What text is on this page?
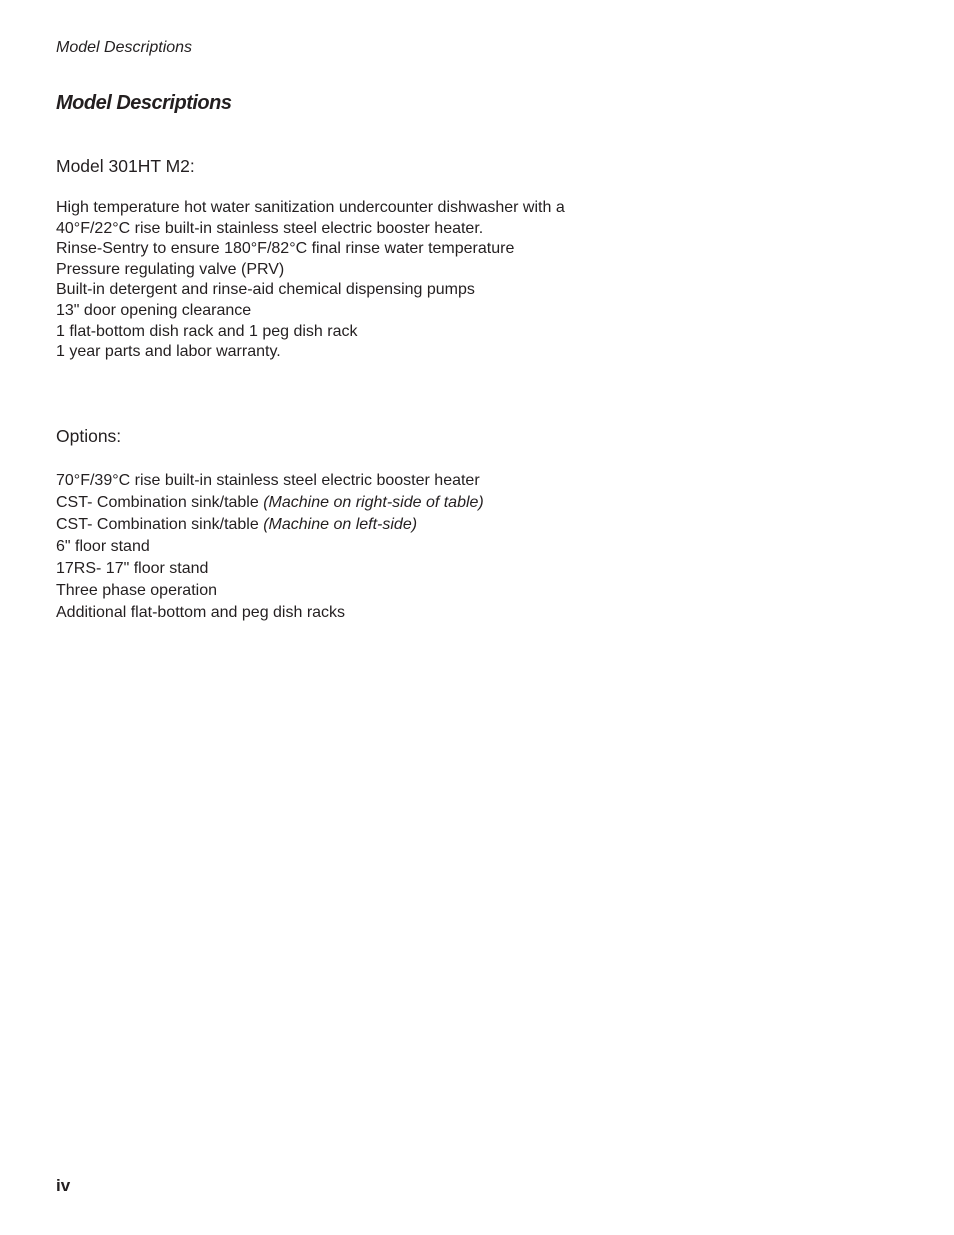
Model Descriptions
Model Descriptions
Model 301HT M2:
High temperature hot water sanitization undercounter dishwasher with a
40°F/22°C rise built-in stainless steel electric booster heater.
Rinse-Sentry to ensure 180°F/82°C final rinse water temperature
Pressure regulating valve (PRV)
Built-in detergent and rinse-aid chemical dispensing pumps
13" door opening clearance
1 flat-bottom dish rack and 1 peg dish rack
1 year parts and labor warranty.
Options:
70°F/39°C rise built-in stainless steel electric booster heater
CST- Combination sink/table (Machine on right-side of table)
CST- Combination sink/table (Machine on left-side)
6" floor stand
17RS- 17" floor stand
Three phase operation
Additional flat-bottom and peg dish racks
iv
